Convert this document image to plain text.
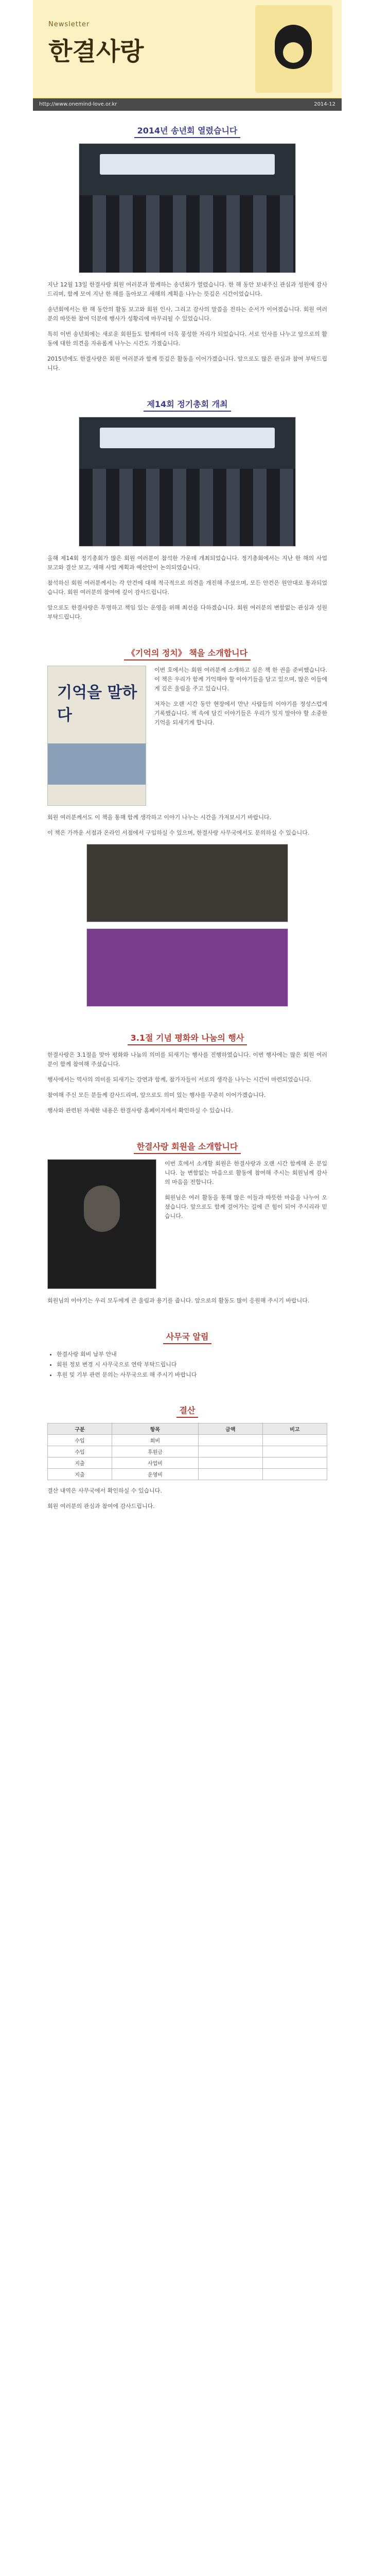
Newsletter
한결사랑
http://www.onemind-love.or.kr	2014-12
2014년 송년회 열렸습니다

지난 12월 13일 한결사랑 회원 여러분과 함께하는 송년회가 열렸습니다. 한 해 동안 보내주신 관심과 성원에 감사드리며, 함께 모여 지난 한 해를 돌아보고 새해의 계획을 나누는 뜻깊은 시간이었습니다.

송년회에서는 한 해 동안의 활동 보고와 회원 인사, 그리고 감사의 말씀을 전하는 순서가 이어졌습니다. 회원 여러분의 따뜻한 참여 덕분에 행사가 성황리에 마무리될 수 있었습니다.

특히 이번 송년회에는 새로운 회원들도 함께하여 더욱 풍성한 자리가 되었습니다. 서로 인사를 나누고 앞으로의 활동에 대한 의견을 자유롭게 나누는 시간도 가졌습니다.

2015년에도 한결사랑은 회원 여러분과 함께 뜻깊은 활동을 이어가겠습니다. 앞으로도 많은 관심과 참여 부탁드립니다.

제14회 정기총회 개최

올해 제14회 정기총회가 많은 회원 여러분이 참석한 가운데 개최되었습니다. 정기총회에서는 지난 한 해의 사업 보고와 결산 보고, 새해 사업 계획과 예산안이 논의되었습니다.

참석하신 회원 여러분께서는 각 안건에 대해 적극적으로 의견을 개진해 주셨으며, 모든 안건은 원안대로 통과되었습니다. 회원 여러분의 참여에 깊이 감사드립니다.

앞으로도 한결사랑은 투명하고 책임 있는 운영을 위해 최선을 다하겠습니다. 회원 여러분의 변함없는 관심과 성원 부탁드립니다.

《기억의 정치》 책을 소개합니다
기억을 말하다

이번 호에서는 회원 여러분께 소개하고 싶은 책 한 권을 준비했습니다. 이 책은 우리가 함께 기억해야 할 이야기들을 담고 있으며, 많은 이들에게 깊은 울림을 주고 있습니다.

저자는 오랜 시간 동안 현장에서 만난 사람들의 이야기를 정성스럽게 기록했습니다. 책 속에 담긴 이야기들은 우리가 잊지 말아야 할 소중한 기억을 되새기게 합니다.

회원 여러분께서도 이 책을 통해 함께 생각하고 이야기 나누는 시간을 가져보시기 바랍니다.

이 책은 가까운 서점과 온라인 서점에서 구입하실 수 있으며, 한결사랑 사무국에서도 문의하실 수 있습니다.

3.1절 기념 평화와 나눔의 행사

한결사랑은 3.1절을 맞아 평화와 나눔의 의미를 되새기는 행사를 진행하였습니다. 이번 행사에는 많은 회원 여러분이 함께 참여해 주셨습니다.

행사에서는 역사의 의미를 되새기는 강연과 함께, 참가자들이 서로의 생각을 나누는 시간이 마련되었습니다.

참여해 주신 모든 분들께 감사드리며, 앞으로도 의미 있는 행사를 꾸준히 이어가겠습니다.

행사와 관련된 자세한 내용은 한결사랑 홈페이지에서 확인하실 수 있습니다.

한결사랑 회원을 소개합니다

이번 호에서 소개할 회원은 한결사랑과 오랜 시간 함께해 온 분입니다. 늘 변함없는 마음으로 활동에 참여해 주시는 회원님께 감사의 마음을 전합니다.

회원님은 여러 활동을 통해 많은 이들과 따뜻한 마음을 나누어 오셨습니다. 앞으로도 함께 걸어가는 길에 큰 힘이 되어 주시리라 믿습니다.

회원님의 이야기는 우리 모두에게 큰 울림과 용기를 줍니다. 앞으로의 활동도 많이 응원해 주시기 바랍니다.

사무국 알림
• 한결사랑 회비 납부 안내
• 회원 정보 변경 시 사무국으로 연락 부탁드립니다
• 후원 및 기부 관련 문의는 사무국으로 해 주시기 바랍니다
결산
구분	항목	금액	비고
수입	회비		
수입	후원금		
지출	사업비		
지출	운영비		

결산 내역은 사무국에서 확인하실 수 있습니다.

회원 여러분의 관심과 참여에 감사드립니다.
